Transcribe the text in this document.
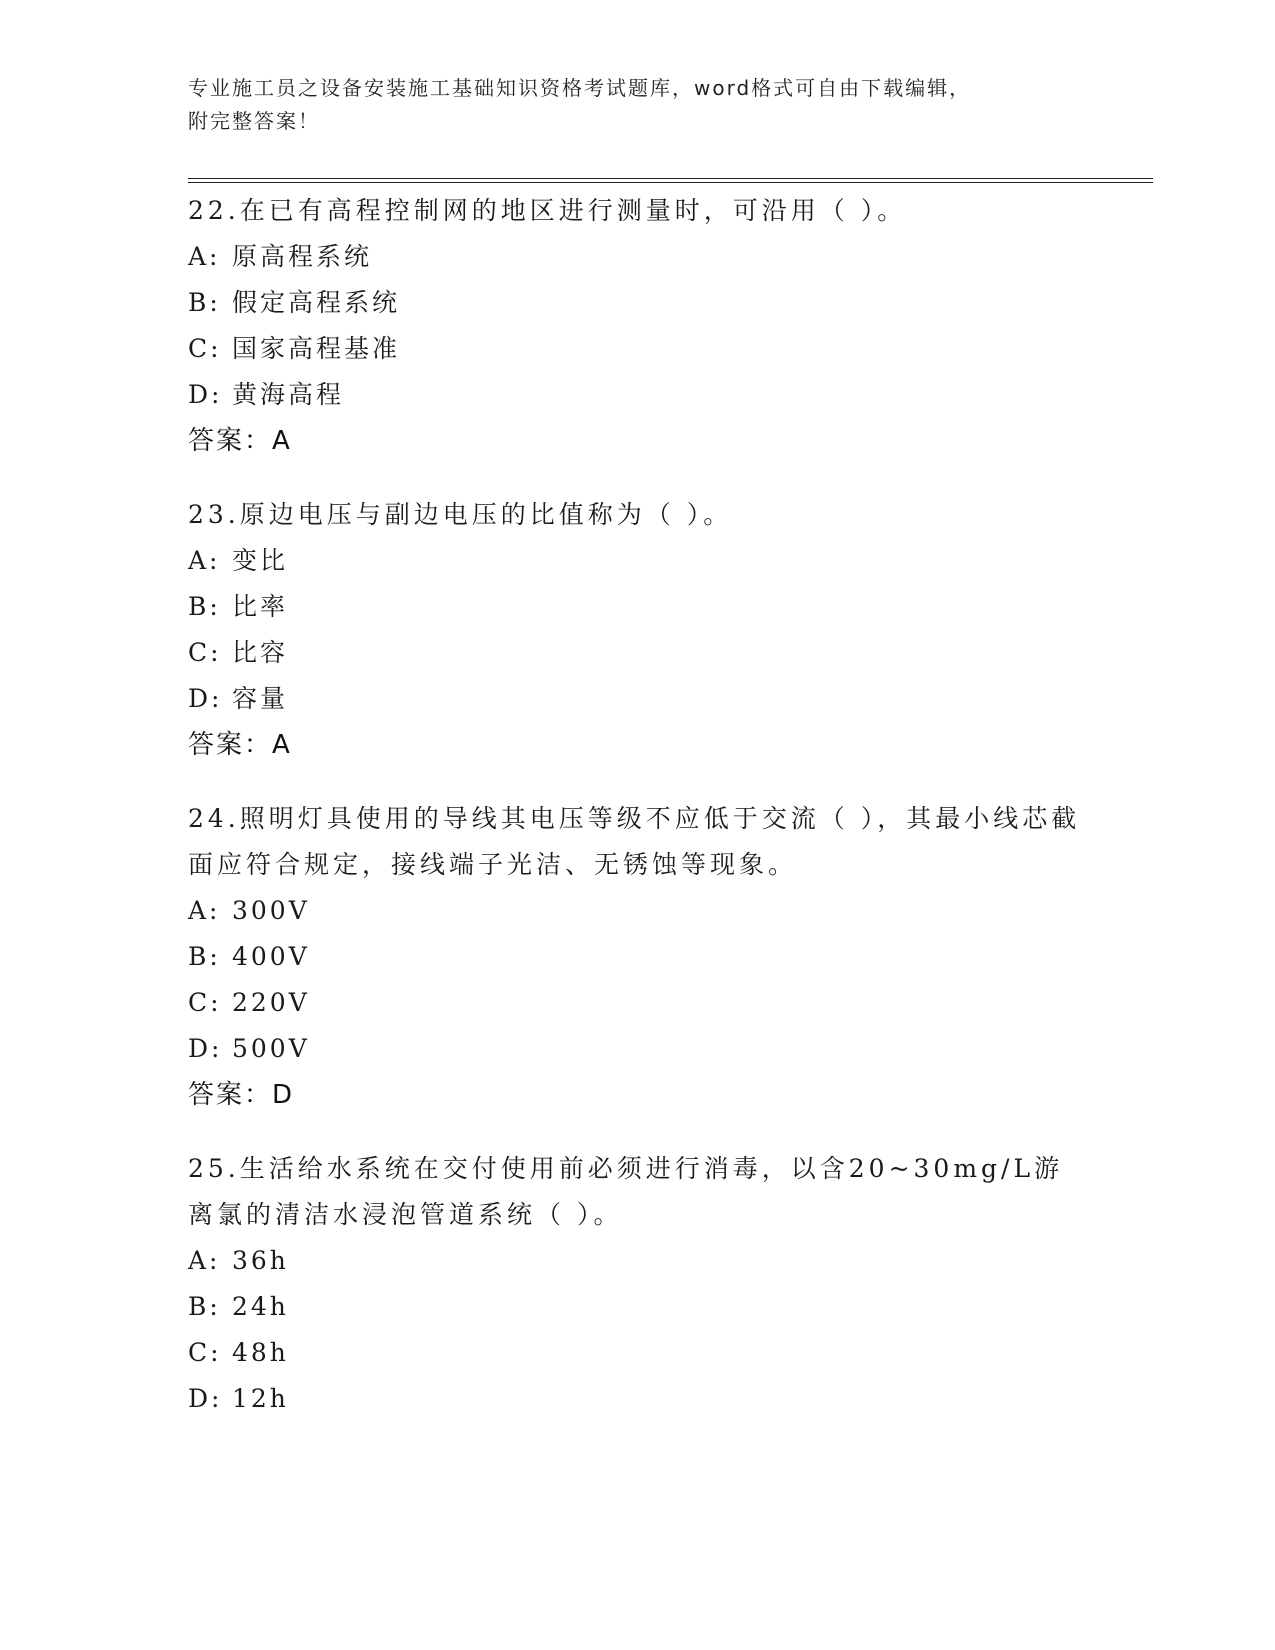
专业施工员之设备安装施工基础知识资格考试题库，word格式可自由下载编辑，
附完整答案！
22.在已有高程控制网的地区进行测量时，可沿用（ ）。
A: 原高程系统
B: 假定高程系统
C: 国家高程基准
D: 黄海高程
答案：A
23.原边电压与副边电压的比值称为（ ）。
A: 变比
B: 比率
C: 比容
D: 容量
答案：A
24.照明灯具使用的导线其电压等级不应低于交流（ ），其最小线芯截面应符合规定，接线端子光洁、无锈蚀等现象。
A: 300V
B: 400V
C: 220V
D: 500V
答案：D
25.生活给水系统在交付使用前必须进行消毒，以含20~30mg/L游离氯的清洁水浸泡管道系统（ ）。
A: 36h
B: 24h
C: 48h
D: 12h
